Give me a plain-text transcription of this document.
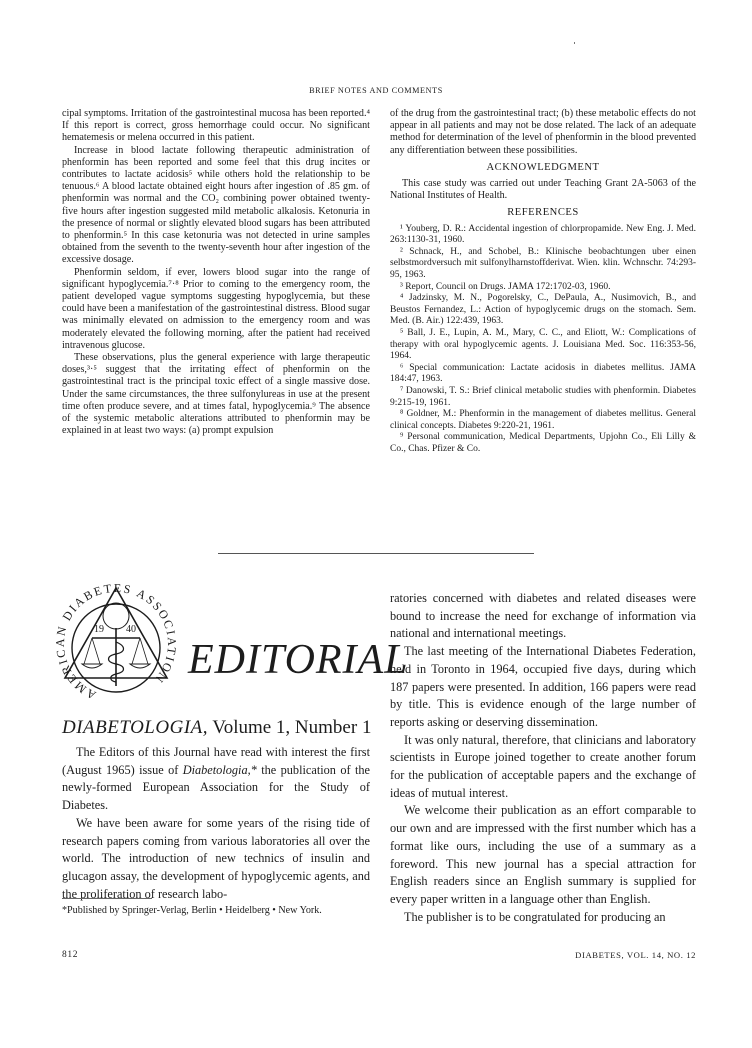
BRIEF NOTES AND COMMENTS

cipal symptoms. Irritation of the gastrointestinal mucosa has been reported.⁴ If this report is correct, gross hemorrhage could occur. No significant hematemesis or melena occurred in this patient.

Increase in blood lactate following therapeutic administration of phenformin has been reported and some feel that this drug incites or contributes to lactate acidosis⁵ while others hold the relationship to be tenuous.⁶ A blood lactate obtained eight hours after ingestion of .85 gm. of phenformin was normal and the CO₂ combining power obtained twenty-five hours after ingestion suggested mild metabolic alkalosis. Ketonuria in the presence of normal or slightly elevated blood sugars has been attributed to phenformin.⁵ In this case ketonuria was not detected in urine samples obtained from the seventh to the twenty-seventh hour after ingestion of the excessive dosage.

Phenformin seldom, if ever, lowers blood sugar into the range of significant hypoglycemia.⁷·⁸ Prior to coming to the emergency room, the patient developed vague symptoms suggesting hypoglycemia, but these could have been a manifestation of the gastrointestinal distress. Blood sugar was minimally elevated on admission to the emergency room and was moderately elevated the following morning, after the patient had received intravenous glucose.

These observations, plus the general experience with large therapeutic doses,³·⁵ suggest that the irritating effect of phenformin on the gastrointestinal tract is the principal toxic effect of a single massive dose. Under the same circumstances, the three sulfonylureas in use at the present time often produce severe, and at times fatal, hypoglycemia.⁹ The absence of the systemic metabolic alterations attributed to phenformin may be explained in at least two ways: (a) prompt expulsion

of the drug from the gastrointestinal tract; (b) these metabolic effects do not appear in all patients and may not be dose related. The lack of an adequate method for determination of the level of phenformin in the blood prevented any differentiation between these possibilities.

ACKNOWLEDGMENT

This case study was carried out under Teaching Grant 2A-5063 of the National Institutes of Health.

REFERENCES

¹ Youberg, D. R.: Accidental ingestion of chlorpropamide. New Eng. J. Med. 263:1130-31, 1960.

² Schnack, H., and Schobel, B.: Klinische beobachtungen uber einen selbstmordversuch mit sulfonylharnstoffderivat. Wien. klin. Wchnschr. 74:293-95, 1963.

³ Report, Council on Drugs. JAMA 172:1702-03, 1960.

⁴ Jadzinsky, M. N., Pogorelsky, C., DePaula, A., Nusimovich, B., and Beustos Fernandez, L.: Action of hypoglycemic drugs on the stomach. Sem. Med. (B. Air.) 122:439, 1963.

⁵ Ball, J. E., Lupin, A. M., Mary, C. C., and Eliott, W.: Complications of therapy with oral hypoglycemic agents. J. Louisiana Med. Soc. 116:353-56, 1964.

⁶ Special communication: Lactate acidosis in diabetes mellitus. JAMA 184:47, 1963.

⁷ Danowski, T. S.: Brief clinical metabolic studies with phenformin. Diabetes 9:215-19, 1961.

⁸ Goldner, M.: Phenformin in the management of diabetes mellitus. General clinical concepts. Diabetes 9:220-21, 1961.

⁹ Personal communication, Medical Departments, Upjohn Co., Eli Lilly & Co., Chas. Pfizer & Co.

AMERI DIABETES ASSOC ION
19 40
EDITORIAL
DIABETOLOGIA, Volume 1, Number 1

The Editors of this Journal have read with interest the first (August 1965) issue of Diabetologia,* the publication of the newly-formed European Association for the Study of Diabetes.

We have been aware for some years of the rising tide of research papers coming from various laboratories all over the world. The introduction of new technics of insulin and glucagon assay, the development of hypoglycemic agents, and the proliferation of research labo-

*Published by Springer-Verlag, Berlin • Heidelberg • New York.

ratories concerned with diabetes and related diseases were bound to increase the need for exchange of information via national and international meetings.

The last meeting of the International Diabetes Federation, held in Toronto in 1964, occupied five days, during which 187 papers were presented. In addition, 166 papers were read by title. This is evidence enough of the large number of reports asking or deserving dissemination.

It was only natural, therefore, that clinicians and laboratory scientists in Europe joined together to create another forum for the publication of acceptable papers and the exchange of ideas of mutual interest.

We welcome their publication as an effort comparable to our own and are impressed with the first number which has a format like ours, including the use of a summary as a foreword. This new journal has a special attraction for English readers since an English summary is supplied for every paper written in a language other than English.

The publisher is to be congratulated for producing an

812	DIABETES, VOL. 14, NO. 12
